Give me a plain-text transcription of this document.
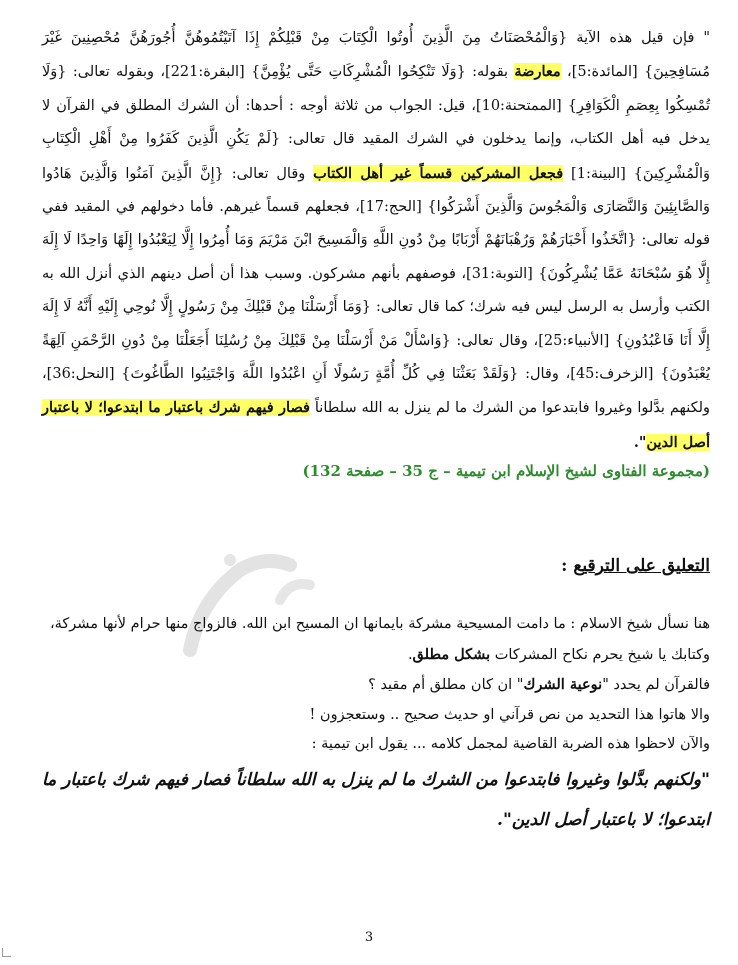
" فإن قيل هذه الآية {وَالْمُحْصَنَاتُ مِنَ الَّذِينَ أُوتُوا الْكِتَابَ مِنْ قَبْلِكُمْ إِذَا آتَيْتُمُوهُنَّ أُجُورَهُنَّ مُحْصِنِينَ غَيْرَ مُسَافِحِينَ} [المائدة:5]، معارضة بقوله: {وَلَا تَنْكِحُوا الْمُشْرِكَاتِ حَتَّى يُؤْمِنَّ} [البقرة:221]، وبقوله تعالى: {وَلَا تُمْسِكُوا بِعِصَمِ الْكَوَافِرِ} [الممتحنة:10]، قيل: الجواب من ثلاثة أوجه : أحدها: أن الشرك المطلق في القرآن لا يدخل فيه أهل الكتاب، وإنما يدخلون في الشرك المقيد قال تعالى: {لَمْ يَكُنِ الَّذِينَ كَفَرُوا مِنْ أَهْلِ الْكِتَابِ وَالْمُشْرِكِينَ} [البينة:1] فجعل المشركين قسماً غير أهل الكتاب وقال تعالى: {إِنَّ الَّذِينَ آمَنُوا وَالَّذِينَ هَادُوا وَالصَّابِئِينَ وَالنَّصَارَى وَالْمَجُوسَ وَالَّذِينَ أَشْرَكُوا} [الحج:17]، فجعلهم قسماً غيرهم. فأما دخولهم في المقيد ففي قوله تعالى: {اتَّخَذُوا أَحْبَارَهُمْ وَرُهْبَانَهُمْ أَرْبَابًا مِنْ دُونِ اللَّهِ وَالْمَسِيحَ ابْنَ مَرْيَمَ وَمَا أُمِرُوا إِلَّا لِيَعْبُدُوا إِلَهًا وَاحِدًا لَا إِلَهَ إِلَّا هُوَ سُبْحَانَهُ عَمَّا يُشْرِكُونَ} [التوبة:31]، فوصفهم بأنهم مشركون. وسبب هذا أن أصل دينهم الذي أنزل الله به الكتب وأرسل به الرسل ليس فيه شرك؛ كما قال تعالى: {وَمَا أَرْسَلْنَا مِنْ قَبْلِكَ مِنْ رَسُولٍ إِلَّا نُوحِي إِلَيْهِ أَنَّهُ لَا إِلَهَ إِلَّا أَنَا فَاعْبُدُونِ} [الأنبياء:25]، وقال تعالى: {وَاسْأَلْ مَنْ أَرْسَلْنَا مِنْ قَبْلِكَ مِنْ رُسُلِنَا أَجَعَلْنَا مِنْ دُونِ الرَّحْمَنِ آلِهَةً يُعْبَدُونَ} [الزخرف:45]، وقال: {وَلَقَدْ بَعَثْنَا فِي كُلِّ أُمَّةٍ رَسُولًا أَنِ اعْبُدُوا اللَّهَ وَاجْتَنِبُوا الطَّاغُوتَ} [النحل:36]، ولكنهم بدَّلوا وغيروا فابتدعوا من الشرك ما لم ينزل به الله سلطاناً فصار فيهم شرك باعتبار ما ابتدعوا؛ لا باعتبار أصل الدين".

(مجموعة الفتاوى لشيخ الإسلام ابن تيمية – ج 35 – صفحة 132)
التعليق على الترقيع :

هنا نسأل شيخ الاسلام : ما دامت المسيحية مشركة بايمانها ان المسيح ابن الله. فالزواج منها حرام لأنها مشركة،

وكتابك يا شيخ يحرم نكاح المشركات بشكل مطلق.

فالقرآن لم يحدد "نوعية الشرك" ان كان مطلق أم مقيد ؟

والا هاتوا هذا التحديد من نص قرآني او حديث صحيح .. وستعجزون !

والآن لاحظوا هذه الضربة القاضية لمجمل كلامه ... يقول ابن تيمية :

"ولكنهم بدَّلوا وغيروا فابتدعوا من الشرك ما لم ينزل به الله سلطاناً فصار فيهم شرك باعتبار ما ابتدعوا؛ لا باعتبار أصل الدين".
3
